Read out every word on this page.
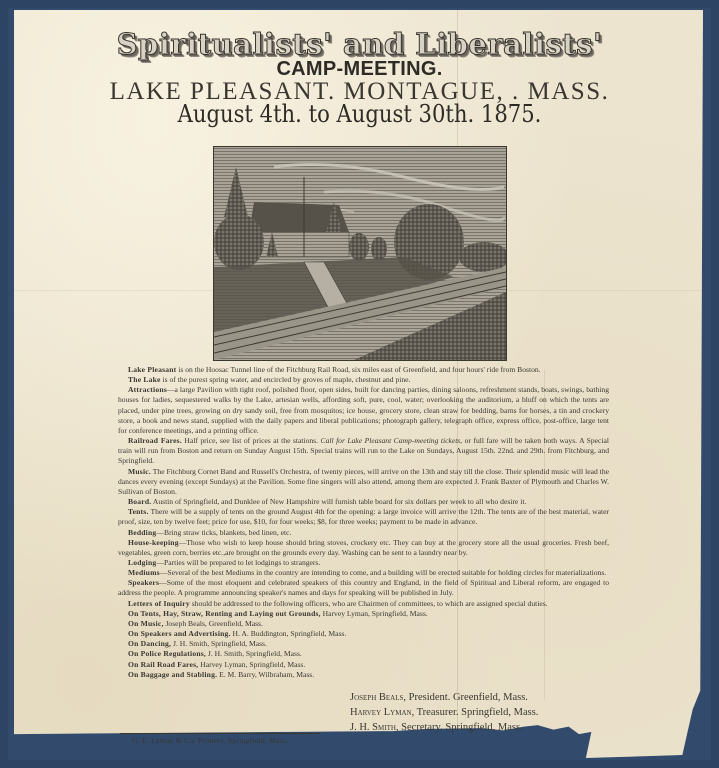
Spiritualists' and Liberalists'
CAMP-MEETING.
LAKE PLEASANT. MONTAGUE, . MASS.
August 4th. to August 30th. 1875.

Lake Pleasant is on the Hoosac Tunnel line of the Fitchburg Rail Road, six miles east of Greenfield, and four hours' ride from Boston.

The Lake is of the purest spring water, and encircled by groves of maple, chestnut and pine.

Attractions—a large Pavilion with tight roof, polished floor, open sides, built for dancing parties, dining saloons, refreshment stands, boats, swings, bathing houses for ladies, sequestered walks by the Lake, artesian wells, affording soft, pure, cool, water; overlooking the auditorium, a bluff on which the tents are placed, under pine trees, growing on dry sandy soil, free from mosquitos; ice house, grocery store, clean straw for bedding, barns for horses, a tin and crockery store, a book and news stand, supplied with the daily papers and liberal publications; photograph gallery, telegraph office, express office, post-office, large tent for conference meetings, and a printing office.

Railroad Fares. Half price, see list of prices at the stations. Call for Lake Pleasant Camp-meeting tickets, or full fare will be taken both ways. A Special train will run from Boston and return on Sunday August 15th. Special trains will run to the Lake on Sundays, August 15th. 22nd. and 29th. from Fitchburg, and Springfield.

Music. The Fitchburg Cornet Band and Russell's Orchestra, of twenty pieces, will arrive on the 13th and stay till the close. Their splendid music will lead the dances every evening (except Sundays) at the Pavilion. Some fine singers will also attend, among them are expected J. Frank Baxter of Plymouth and Charles W. Sullivan of Boston.

Board. Austin of Springfield, and Dunklee of New Hampshire will furnish table board for six dollars per week to all who desire it.

Tents. There will be a supply of tents on the ground August 4th for the opening: a large invoice will arrive the 12th. The tents are of the best material, water proof, size, ten by twelve feet; price for use, $10, for four weeks; $8, for three weeks; payment to be made in advance.

Bedding—Bring straw ticks, blankets, bed linen, etc.

House-keeping—Those who wish to keep house should bring stoves, crockery etc. They can buy at the grocery store all the usual groceries. Fresh beef, vegetables, green corn, berries etc.,are brought on the grounds every day. Washing can be sent to a laundry near by.

Lodging—Parties will be prepared to let lodgings to strangers.

Mediums—Several of the best Mediums in the country are intending to come, and a building will be erected suitable for holding circles for materializations.

Speakers—Some of the most eloquent and celebrated speakers of this country and England, in the field of Spiritual and Liberal reform, are engaged to address the people. A programme announcing speaker's names and days for speaking will be published in July.

Letters of Inquiry should be addressed to the following officers, who are Chairmen of committees, to which are assigned special duties.

On Tents, Hay, Straw, Renting and Laying out Grounds, Harvey Lyman, Springfield, Mass.

On Music, Joseph Beals, Greenfield, Mass.

On Speakers and Advertising. H. A. Buddington, Springfield, Mass.

On Dancing, J. H. Smith, Springfield, Mass.

On Police Regulations, J. H. Smith, Springfield, Mass.

On Rail Road Fares, Harvey Lyman, Springfield, Mass.

On Baggage and Stabling. E. M. Barry, Wilbraham, Mass.

Joseph Beals, President. Greenfield, Mass.
Harvey Lyman, Treasurer. Springfield, Mass.
J. H. Smith, Secretary. Springfield, Mass.
G. E. Lyman & Co, Printers, Springfield, Mass.
